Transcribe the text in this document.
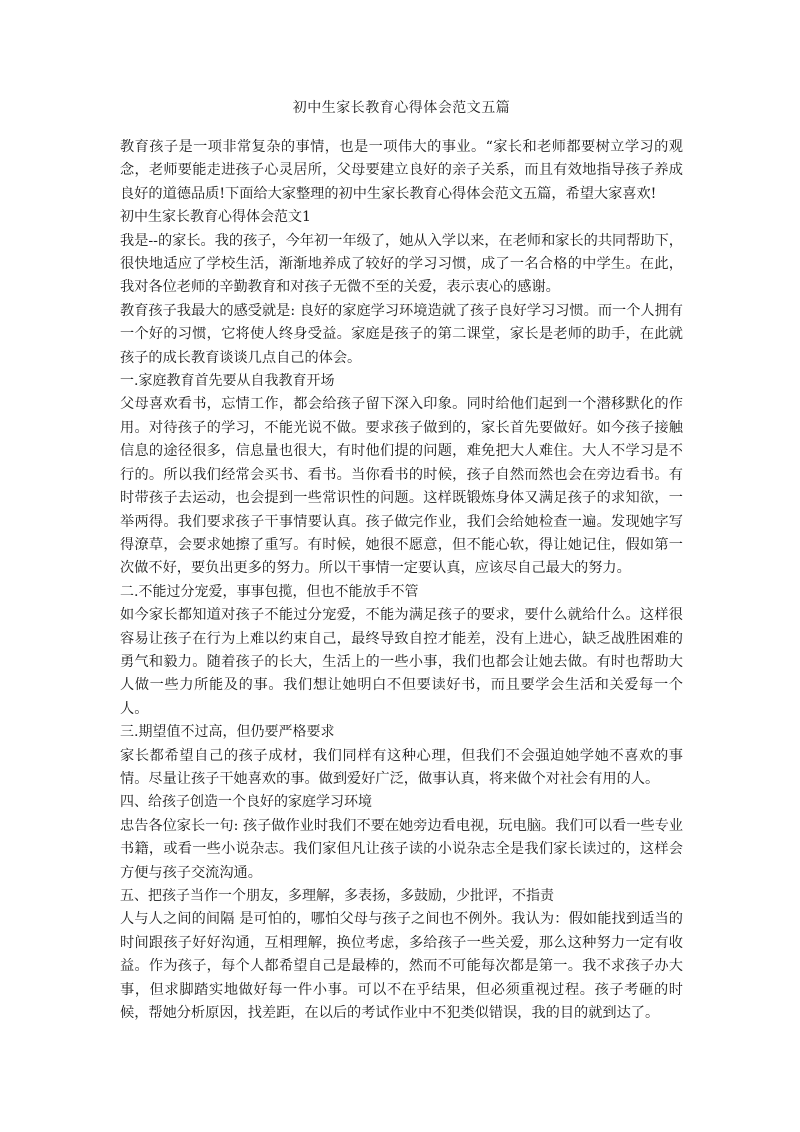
初中生家长教育心得体会范文五篇

教育孩子是一项非常复杂的事情，也是一项伟大的事业。“家长和老师都要树立学习的观念，老师要能走进孩子心灵居所，父母要建立良好的亲子关系，而且有效地指导孩子养成良好的道德品质!下面给大家整理的初中生家长教育心得体会范文五篇，希望大家喜欢!

初中生家长教育心得体会范文1

我是--的家长。我的孩子，今年初一年级了，她从入学以来，在老师和家长的共同帮助下，很快地适应了学校生活，渐渐地养成了较好的学习习惯，成了一名合格的中学生。在此，我对各位老师的辛勤教育和对孩子无微不至的关爱，表示衷心的感谢。

教育孩子我最大的感受就是: 良好的家庭学习环境造就了孩子良好学习习惯。而一个人拥有一个好的习惯，它将使人终身受益。家庭是孩子的第二课堂，家长是老师的助手，在此就孩子的成长教育谈谈几点自己的体会。

一.家庭教育首先要从自我教育开场

父母喜欢看书，忘情工作，都会给孩子留下深入印象。同时给他们起到一个潜移默化的作用。对待孩子的学习，不能光说不做。要求孩子做到的，家长首先要做好。如今孩子接触信息的途径很多，信息量也很大，有时他们提的问题，难免把大人难住。大人不学习是不行的。所以我们经常会买书、看书。当你看书的时候，孩子自然而然也会在旁边看书。有时带孩子去运动，也会提到一些常识性的问题。这样既锻炼身体又满足孩子的求知欲，一举两得。我们要求孩子干事情要认真。孩子做完作业，我们会给她检查一遍。发现她字写得潦草，会要求她擦了重写。有时候，她很不愿意，但不能心软，得让她记住，假如第一次做不好，要负出更多的努力。所以干事情一定要认真，应该尽自己最大的努力。

二.不能过分宠爱，事事包揽，但也不能放手不管

如今家长都知道对孩子不能过分宠爱，不能为满足孩子的要求，要什么就给什么。这样很容易让孩子在行为上难以约束自己，最终导致自控才能差，没有上进心，缺乏战胜困难的勇气和毅力。随着孩子的长大，生活上的一些小事，我们也都会让她去做。有时也帮助大人做一些力所能及的事。我们想让她明白不但要读好书，而且要学会生活和关爱每一个人。

三.期望值不过高，但仍要严格要求

家长都希望自己的孩子成材，我们同样有这种心理，但我们不会强迫她学她不喜欢的事情。尽量让孩子干她喜欢的事。做到爱好广泛，做事认真，将来做个对社会有用的人。

四、给孩子创造一个良好的家庭学习环境

忠告各位家长一句: 孩子做作业时我们不要在她旁边看电视，玩电脑。我们可以看一些专业书籍，或看一些小说杂志。我们家但凡让孩子读的小说杂志全是我们家长读过的，这样会方便与孩子交流沟通。

五、把孩子当作一个朋友，多理解，多表扬，多鼓励，少批评，不指责

人与人之间的间隔 是可怕的，哪怕父母与孩子之间也不例外。我认为：假如能找到适当的时间跟孩子好好沟通，互相理解，换位考虑，多给孩子一些关爱，那么这种努力一定有收益。作为孩子，每个人都希望自己是最棒的，然而不可能每次都是第一。我不求孩子办大事，但求脚踏实地做好每一件小事。可以不在乎结果，但必须重视过程。孩子考砸的时候，帮她分析原因，找差距，在以后的考试作业中不犯类似错误，我的目的就到达了。
